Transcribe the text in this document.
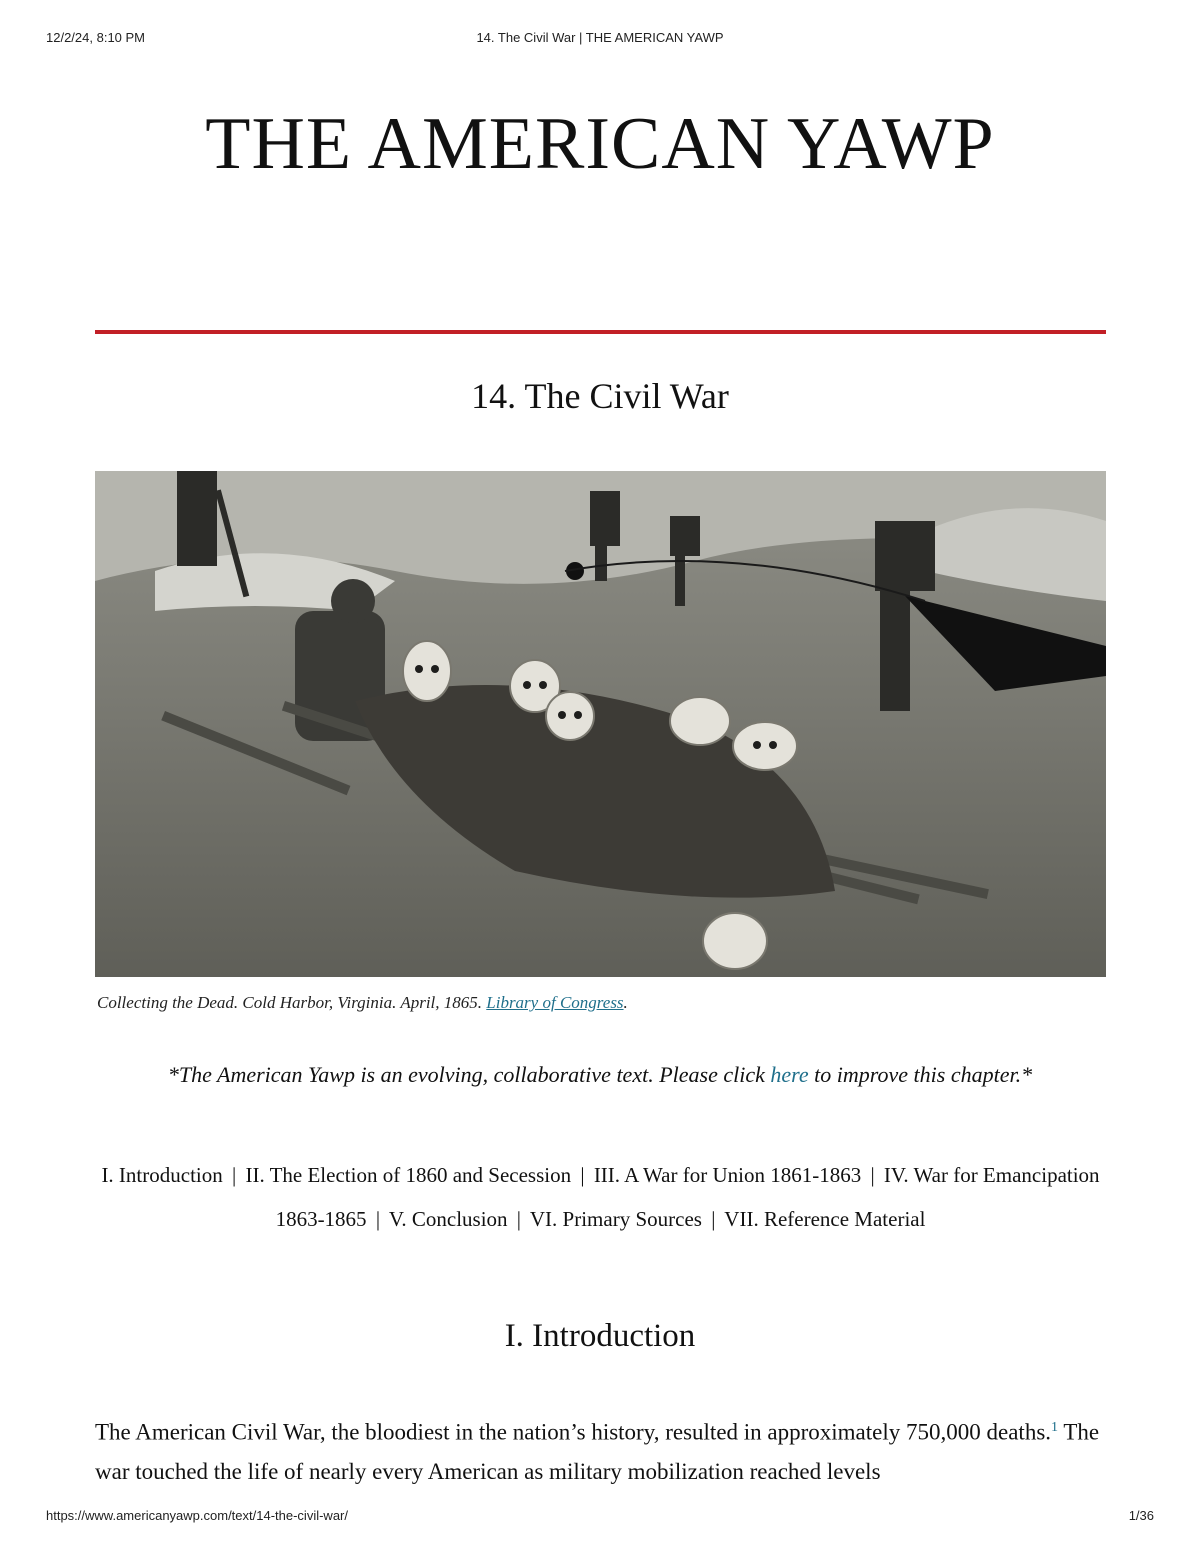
12/2/24, 8:10 PM	14. The Civil War | THE AMERICAN YAWP
THE AMERICAN YAWP
14. The Civil War
Collecting the Dead. Cold Harbor, Virginia. April, 1865. Library of Congress.
*The American Yawp is an evolving, collaborative text. Please click here to improve this chapter.*
I. Introduction | II. The Election of 1860 and Secession | III. A War for Union 1861-1863 | IV. War for Emancipation 1863-1865 | V. Conclusion | VI. Primary Sources | VII. Reference Material
I. Introduction

The American Civil War, the bloodiest in the nation’s history, resulted in approximately 750,000 deaths.$^1$ The war touched the life of nearly every American as military mobilization reached levels

https://www.americanyawp.com/text/14-the-civil-war/	1/36
